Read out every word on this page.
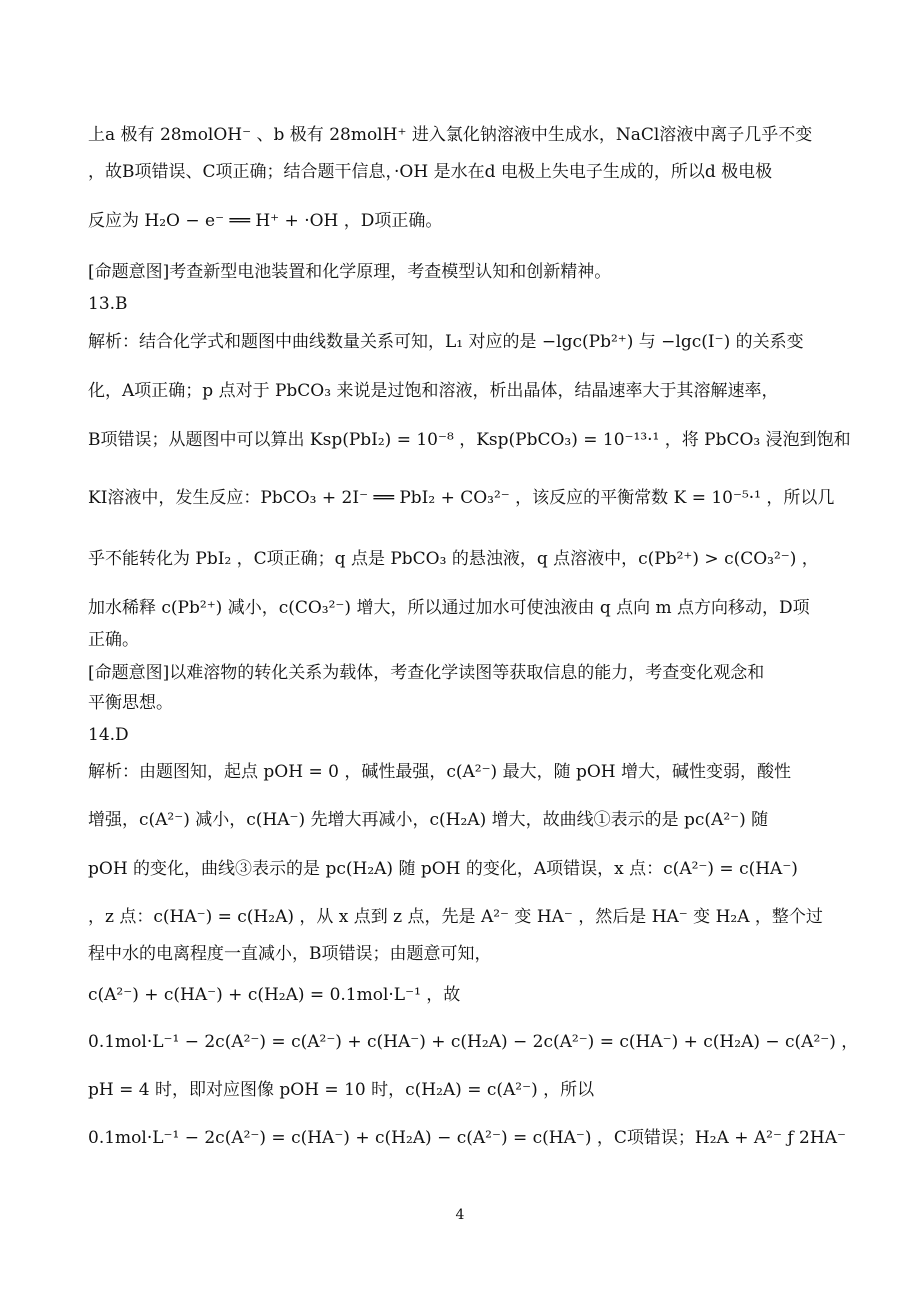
上a 极有 28molOH⁻ 、b 极有 28molH⁺ 进入氯化钠溶液中生成水，NaCl溶液中离子几乎不变
，故B项错误、C项正确；结合题干信息，·OH 是水在d 电极上失电子生成的，所以d 极电极
反应为 H₂O − e⁻ ══ H⁺ + ·OH ，D项正确。
[命题意图]考查新型电池装置和化学原理，考查模型认知和创新精神。
13.B
解析：结合化学式和题图中曲线数量关系可知，L₁ 对应的是 −lgc(Pb²⁺) 与 −lgc(I⁻) 的关系变
化，A项正确；p 点对于 PbCO₃ 来说是过饱和溶液，析出晶体，结晶速率大于其溶解速率，
B项错误；从题图中可以算出 Ksp(PbI₂) = 10⁻⁸ ，Ksp(PbCO₃) = 10⁻¹³·¹ ，将 PbCO₃ 浸泡到饱和
KI溶液中，发生反应：PbCO₃ + 2I⁻ ══ PbI₂ + CO₃²⁻ ，该反应的平衡常数 K = 10⁻⁵·¹ ，所以几
乎不能转化为 PbI₂ ，C项正确；q 点是 PbCO₃ 的悬浊液，q 点溶液中，c(Pb²⁺) > c(CO₃²⁻) ，
加水稀释 c(Pb²⁺) 减小，c(CO₃²⁻) 增大，所以通过加水可使浊液由 q 点向 m 点方向移动，D项
正确。
[命题意图]以难溶物的转化关系为载体，考查化学读图等获取信息的能力，考查变化观念和
平衡思想。
14.D
解析：由题图知，起点 pOH = 0 ，碱性最强，c(A²⁻) 最大，随 pOH 增大，碱性变弱，酸性
增强，c(A²⁻) 减小，c(HA⁻) 先增大再减小，c(H₂A) 增大，故曲线①表示的是 pc(A²⁻) 随
pOH 的变化，曲线③表示的是 pc(H₂A) 随 pOH 的变化，A项错误，x 点：c(A²⁻) = c(HA⁻)
，z 点：c(HA⁻) = c(H₂A) ，从 x 点到 z 点，先是 A²⁻ 变 HA⁻ ，然后是 HA⁻ 变 H₂A ，整个过
程中水的电离程度一直减小，B项错误；由题意可知，
c(A²⁻) + c(HA⁻) + c(H₂A) = 0.1mol·L⁻¹ ，故
0.1mol·L⁻¹ − 2c(A²⁻) = c(A²⁻) + c(HA⁻) + c(H₂A) − 2c(A²⁻) = c(HA⁻) + c(H₂A) − c(A²⁻) ，
pH = 4 时，即对应图像 pOH = 10 时，c(H₂A) = c(A²⁻) ，所以
0.1mol·L⁻¹ − 2c(A²⁻) = c(HA⁻) + c(H₂A) − c(A²⁻) = c(HA⁻) ，C项错误；H₂A + A²⁻ ƒ 2HA⁻
4
